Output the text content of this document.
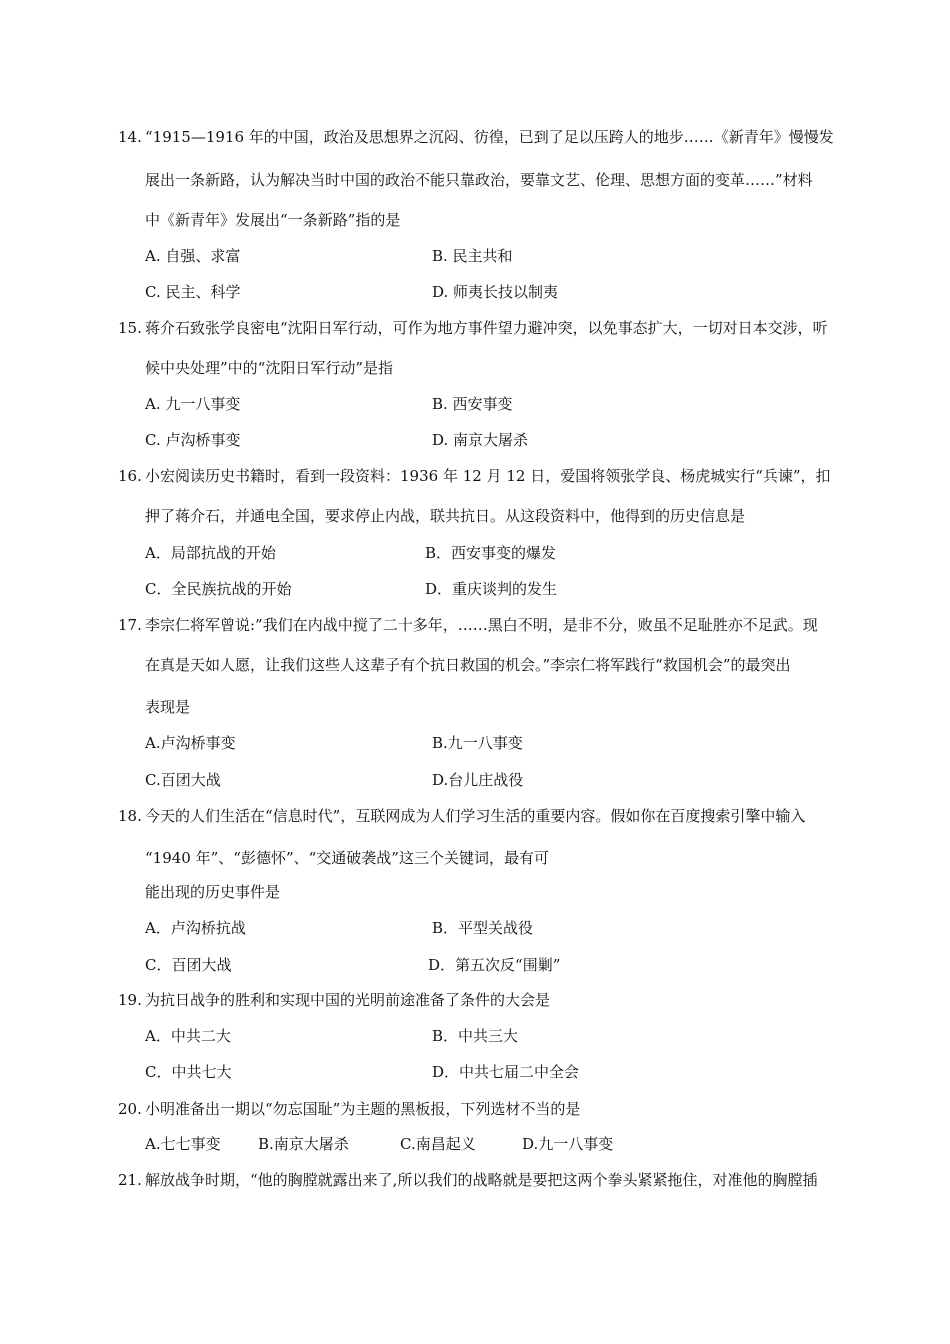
14. “1915—1916 年的中国，政治及思想界之沉闷、彷徨，已到了足以压跨人的地步……《新青年》慢慢发
展出一条新路，认为解决当时中国的政治不能只靠政治，要靠文艺、伦理、思想方面的变革……”材料
中《新青年》发展出“一条新路”指的是
A. 自强、求富	B. 民主共和
C. 民主、科学	D. 师夷长技以制夷
15. 蒋介石致张学良密电“沈阳日军行动，可作为地方事件望力避冲突，以免事态扩大，一切对日本交涉，听
候中央处理”中的“沈阳日军行动”是指
A. 九一八事变	B. 西安事变
C. 卢沟桥事变	D. 南京大屠杀
16. 小宏阅读历史书籍时，看到一段资料：1936 年 12 月 12 日，爱国将领张学良、杨虎城实行“兵谏”，扣
押了蒋介石，并通电全国，要求停止内战，联共抗日。从这段资料中，他得到的历史信息是
A．局部抗战的开始	B．西安事变的爆发
C．全民族抗战的开始	D．重庆谈判的发生
17. 李宗仁将军曾说:”我们在内战中搅了二十多年，……黑白不明，是非不分，败虽不足耻胜亦不足武。现
在真是天如人愿，让我们这些人这辈子有个抗日救国的机会。”李宗仁将军践行“救国机会”的最突出
表现是
A.卢沟桥事变	B.九一八事变
C.百团大战	D.台儿庄战役
18. 今天的人们生活在“信息时代”，互联网成为人们学习生活的重要内容。假如你在百度搜索引擎中输入
“1940 年”、“彭德怀”、“交通破袭战”这三个关键词，最有可
能出现的历史事件是
A．卢沟桥抗战	B．平型关战役
C．百团大战	D．第五次反“围剿”
19. 为抗日战争的胜利和实现中国的光明前途准备了条件的大会是
A．中共二大	B．中共三大
C．中共七大	D．中共七届二中全会
20. 小明准备出一期以“勿忘国耻”为主题的黑板报，下列选材不当的是
A.七七事变 B.南京大屠杀	C.南昌起义	D.九一八事变
21. 解放战争时期，“他的胸膛就露出来了,所以我们的战略就是要把这两个拳头紧紧拖住，对准他的胸膛插
